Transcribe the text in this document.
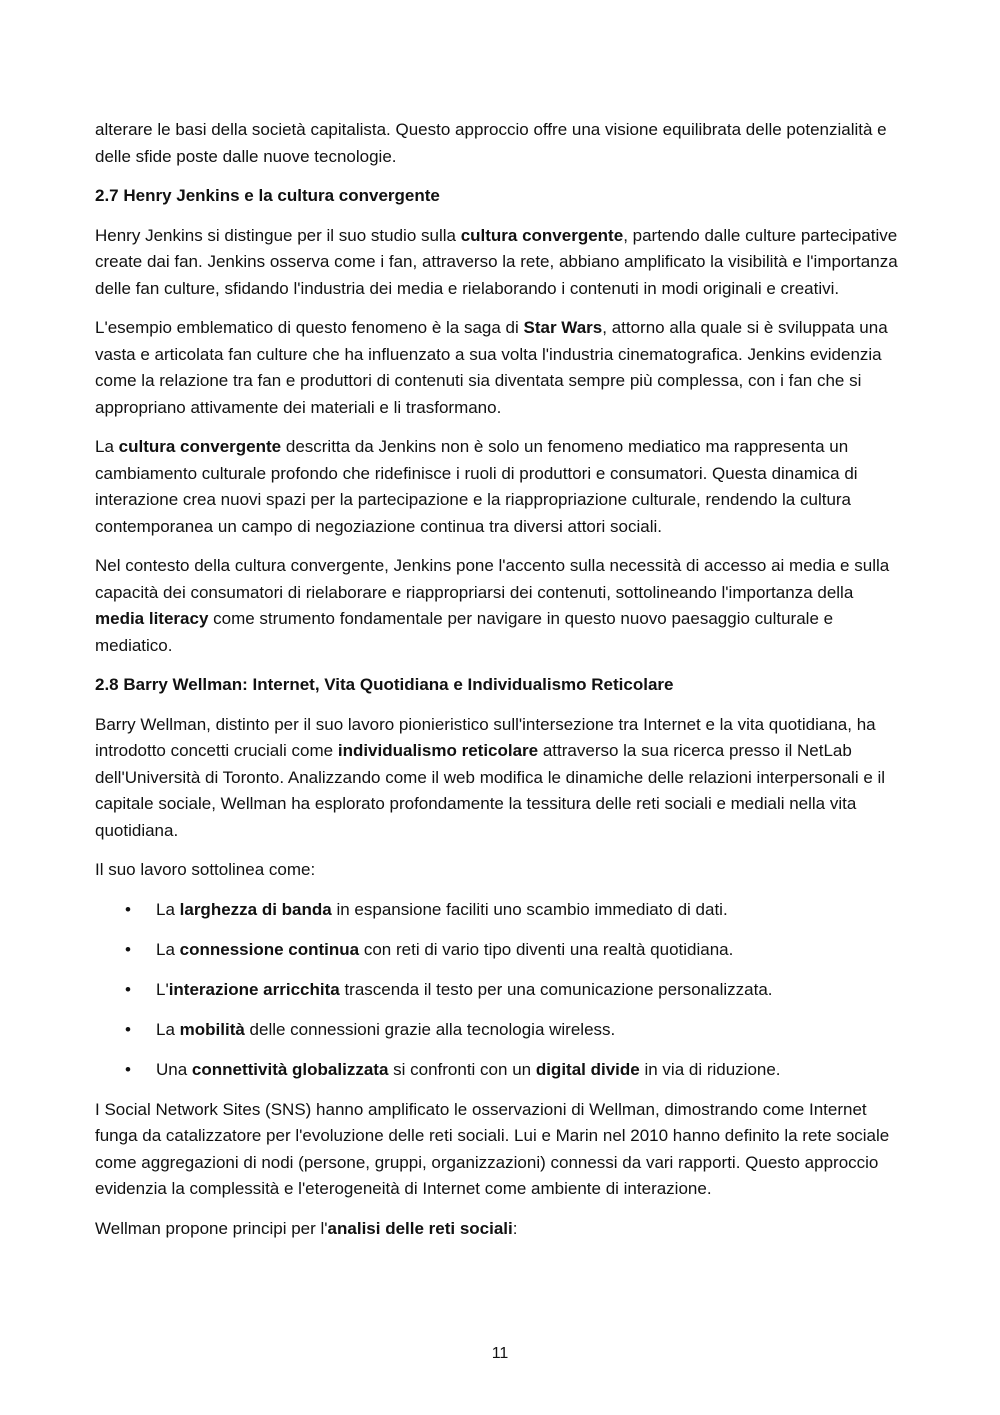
alterare le basi della società capitalista. Questo approccio offre una visione equilibrata delle potenzialità e delle sfide poste dalle nuove tecnologie.

2.7 Henry Jenkins e la cultura convergente

Henry Jenkins si distingue per il suo studio sulla cultura convergente, partendo dalle culture partecipative create dai fan. Jenkins osserva come i fan, attraverso la rete, abbiano amplificato la visibilità e l'importanza delle fan culture, sfidando l'industria dei media e rielaborando i contenuti in modi originali e creativi.

L'esempio emblematico di questo fenomeno è la saga di Star Wars, attorno alla quale si è sviluppata una vasta e articolata fan culture che ha influenzato a sua volta l'industria cinematografica. Jenkins evidenzia come la relazione tra fan e produttori di contenuti sia diventata sempre più complessa, con i fan che si appropriano attivamente dei materiali e li trasformano.

La cultura convergente descritta da Jenkins non è solo un fenomeno mediatico ma rappresenta un cambiamento culturale profondo che ridefinisce i ruoli di produttori e consumatori. Questa dinamica di interazione crea nuovi spazi per la partecipazione e la riappropriazione culturale, rendendo la cultura contemporanea un campo di negoziazione continua tra diversi attori sociali.

Nel contesto della cultura convergente, Jenkins pone l'accento sulla necessità di accesso ai media e sulla capacità dei consumatori di rielaborare e riappropriarsi dei contenuti, sottolineando l'importanza della media literacy come strumento fondamentale per navigare in questo nuovo paesaggio culturale e mediatico.

2.8 Barry Wellman: Internet, Vita Quotidiana e Individualismo Reticolare

Barry Wellman, distinto per il suo lavoro pionieristico sull'intersezione tra Internet e la vita quotidiana, ha introdotto concetti cruciali come individualismo reticolare attraverso la sua ricerca presso il NetLab dell'Università di Toronto. Analizzando come il web modifica le dinamiche delle relazioni interpersonali e il capitale sociale, Wellman ha esplorato profondamente la tessitura delle reti sociali e mediali nella vita quotidiana.

Il suo lavoro sottolinea come:

• La larghezza di banda in espansione faciliti uno scambio immediato di dati.
• La connessione continua con reti di vario tipo diventi una realtà quotidiana.
• L'interazione arricchita trascenda il testo per una comunicazione personalizzata.
• La mobilità delle connessioni grazie alla tecnologia wireless.
• Una connettività globalizzata si confronti con un digital divide in via di riduzione.

I Social Network Sites (SNS) hanno amplificato le osservazioni di Wellman, dimostrando come Internet funga da catalizzatore per l'evoluzione delle reti sociali. Lui e Marin nel 2010 hanno definito la rete sociale come aggregazioni di nodi (persone, gruppi, organizzazioni) connessi da vari rapporti. Questo approccio evidenzia la complessità e l'eterogeneità di Internet come ambiente di interazione.

Wellman propone principi per l'analisi delle reti sociali:

11
